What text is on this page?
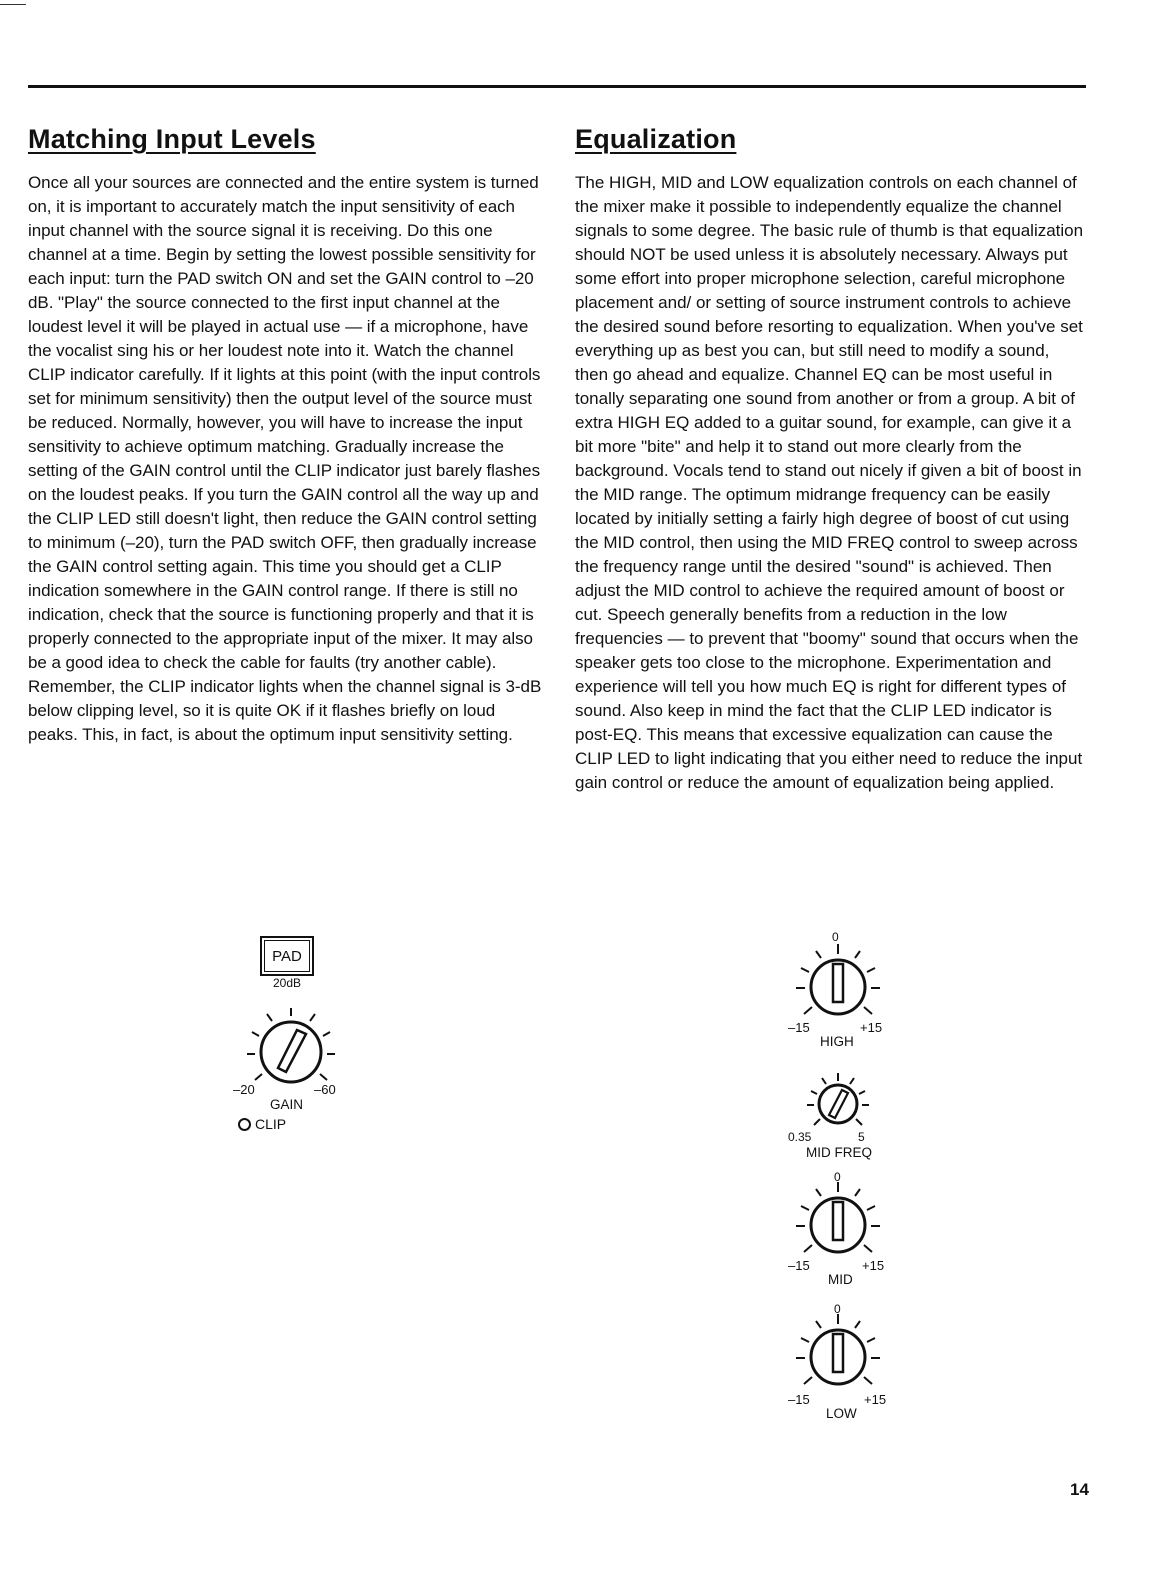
Matching Input Levels

Once all your sources are connected and the entire system is turned on, it is important to accurately match the input sensitivity of each input channel with the source signal it is receiving. Do this one channel at a time. Begin by setting the lowest possible sensitivity for each input: turn the PAD switch ON and set the GAIN control to –20 dB. "Play" the source connected to the first input channel at the loudest level it will be played in actual use — if a microphone, have the vocalist sing his or her loudest note into it. Watch the channel CLIP indicator carefully. If it lights at this point (with the input controls set for minimum sensitivity) then the output level of the source must be reduced. Normally, however, you will have to increase the input sensitivity to achieve optimum matching. Gradually increase the setting of the GAIN control until the CLIP indicator just barely flashes on the loudest peaks. If you turn the GAIN control all the way up and the CLIP LED still doesn't light, then reduce the GAIN control setting to minimum (–20), turn the PAD switch OFF, then gradually increase the GAIN control setting again. This time you should get a CLIP indication somewhere in the GAIN control range. If there is still no indication, check that the source is functioning properly and that it is properly connected to the appropriate input of the mixer. It may also be a good idea to check the cable for faults (try another cable). Remember, the CLIP indicator lights when the channel signal is 3-dB below clipping level, so it is quite OK if it flashes briefly on loud peaks. This, in fact, is about the optimum input sensitivity setting.

Equalization

The HIGH, MID and LOW equalization controls on each channel of the mixer make it possible to independently equalize the channel signals to some degree. The basic rule of thumb is that equalization should NOT be used unless it is absolutely necessary. Always put some effort into proper microphone selection, careful microphone placement and/ or setting of source instrument controls to achieve the desired sound before resorting to equalization. When you've set everything up as best you can, but still need to modify a sound, then go ahead and equalize. Channel EQ can be most useful in tonally separating one sound from another or from a group. A bit of extra HIGH EQ added to a guitar sound, for example, can give it a bit more "bite" and help it to stand out more clearly from the background. Vocals tend to stand out nicely if given a bit of boost in the MID range. The optimum midrange frequency can be easily located by initially setting a fairly high degree of boost of cut using the MID control, then using the MID FREQ control to sweep across the frequency range until the desired "sound" is achieved. Then adjust the MID control to achieve the required amount of boost or cut. Speech generally benefits from a reduction in the low frequencies — to prevent that "boomy" sound that occurs when the speaker gets too close to the microphone. Experimentation and experience will tell you how much EQ is right for different types of sound. Also keep in mind the fact that the CLIP LED indicator is post-EQ. This means that excessive equalization can cause the CLIP LED to light indicating that you either need to reduce the input gain control or reduce the amount of equalization being applied.

PAD
20dB
–20	–60
GAIN
CLIP
0
–15	+15
HIGH
0.35	5
MID FREQ
0
–15	+15
MID
0
–15	+15
LOW
14
